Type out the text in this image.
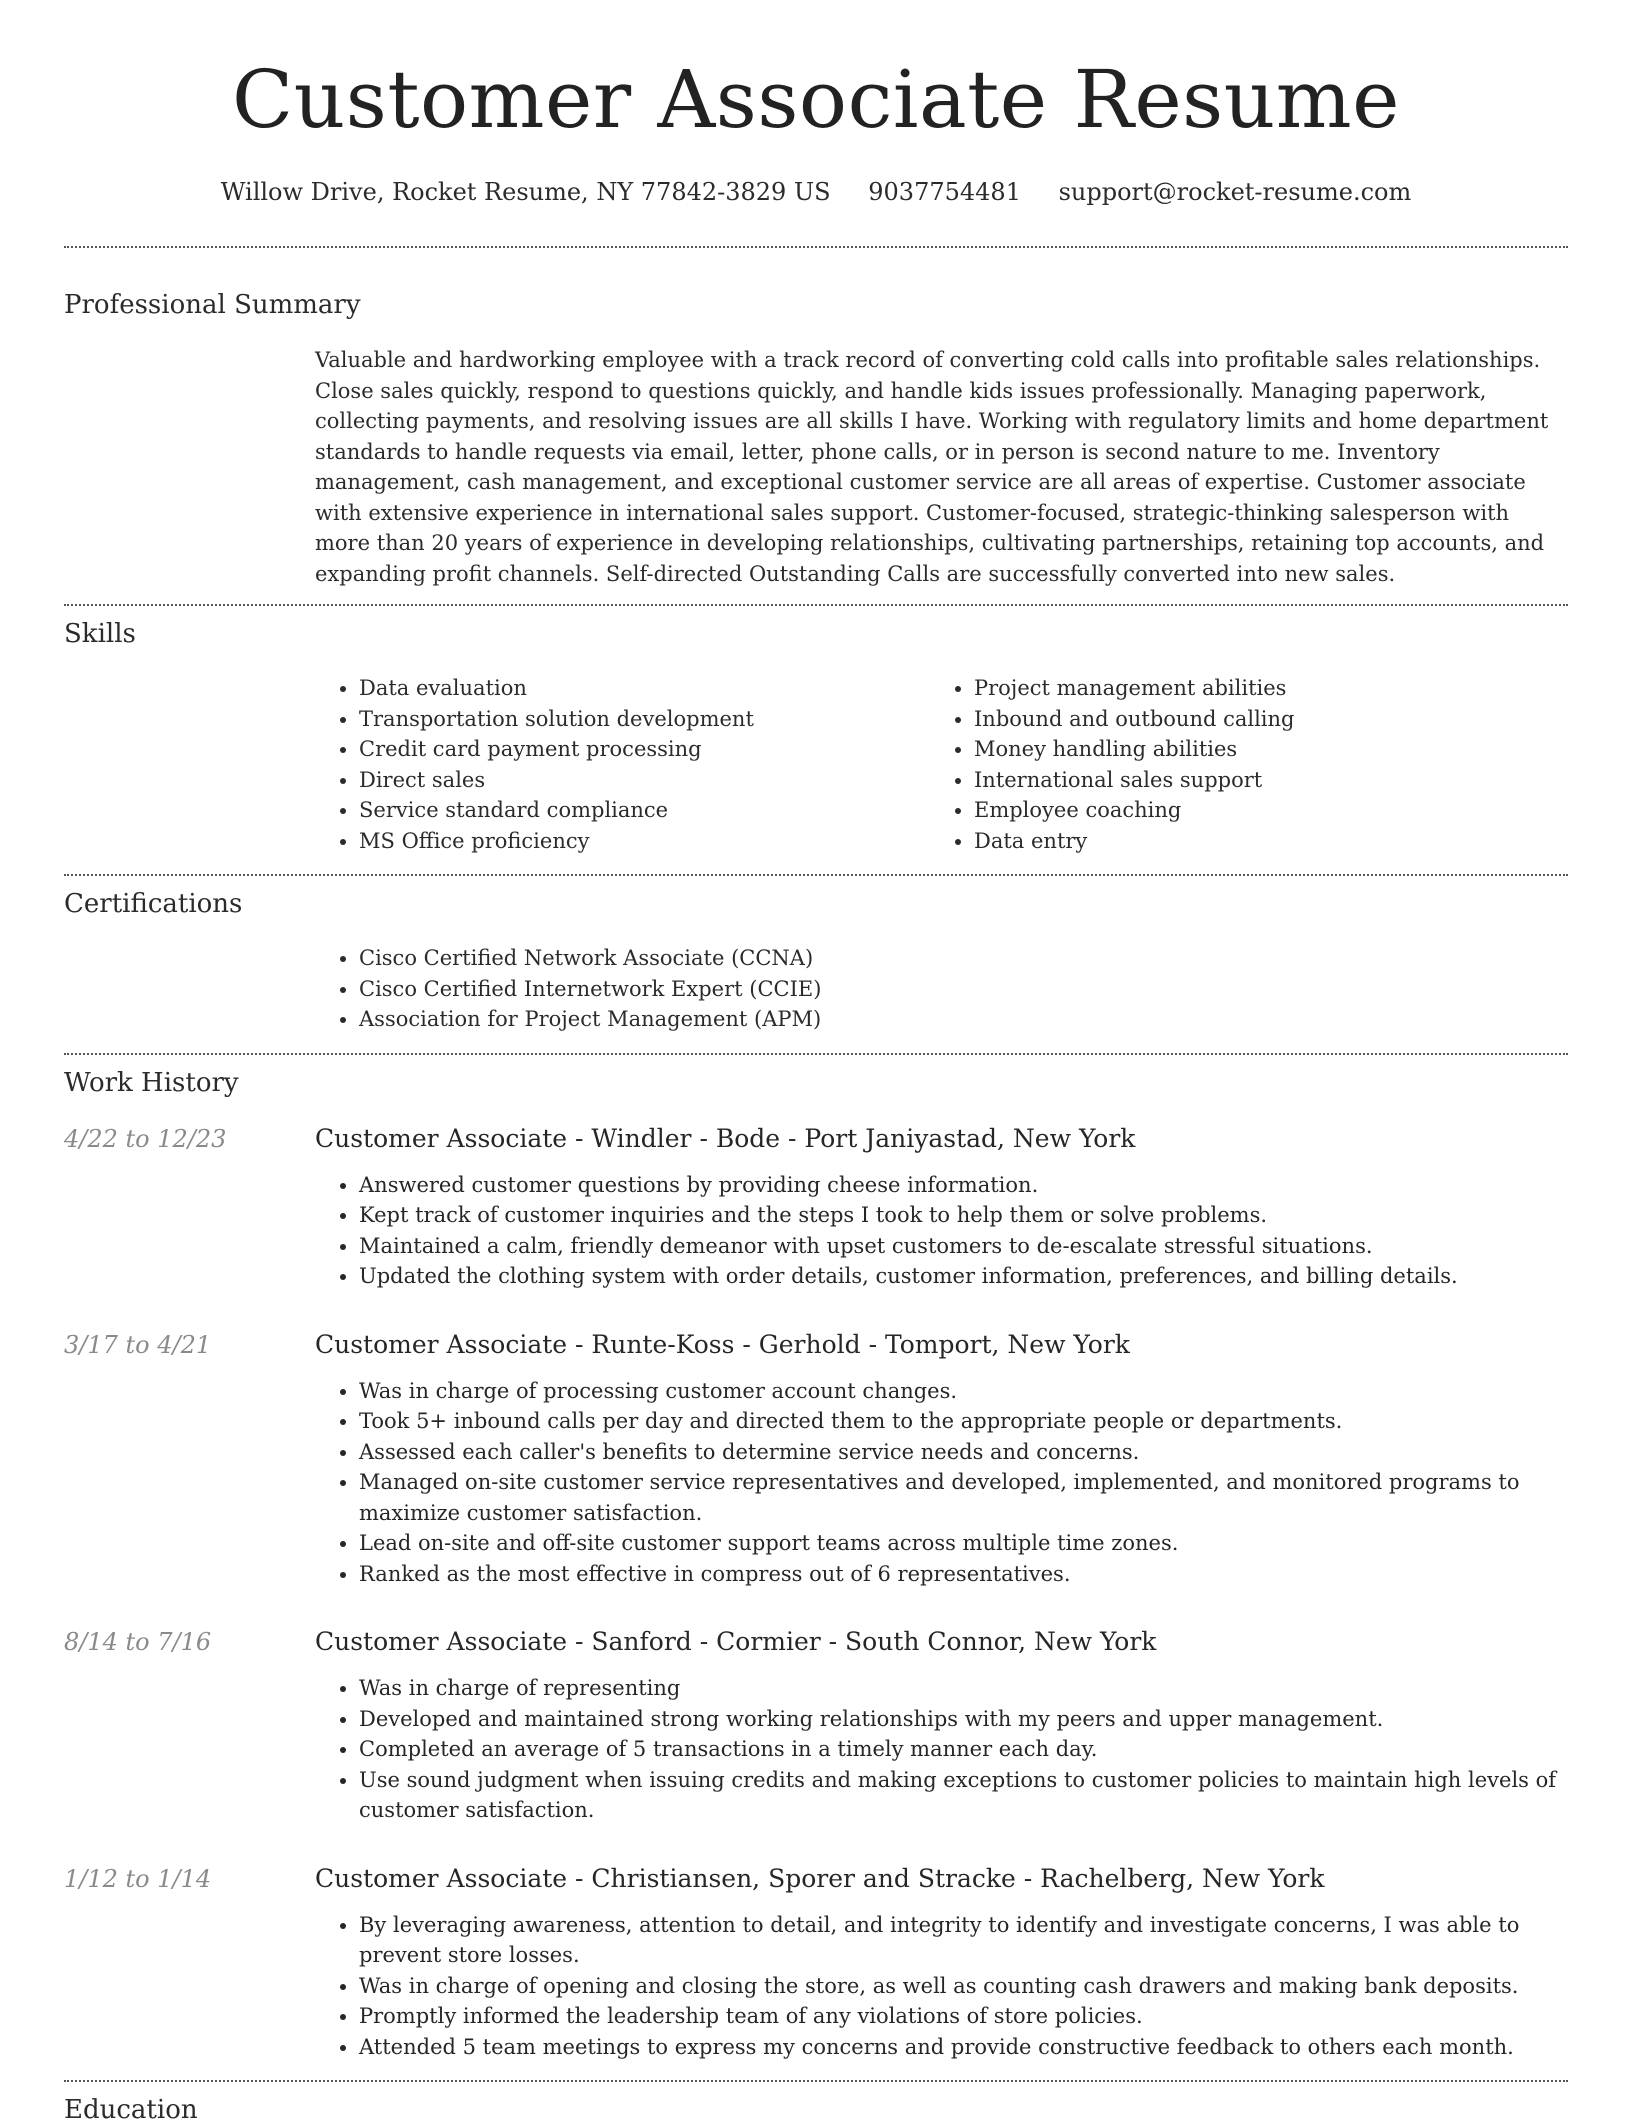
Customer Associate Resume
Willow Drive, Rocket Resume, NY 77842-3829 US 9037754481 support@rocket-resume.com
Professional Summary
Valuable and hardworking employee with a track record of converting cold calls into profitable sales relationships. Close sales quickly, respond to questions quickly, and handle kids issues professionally. Managing paperwork, collecting payments, and resolving issues are all skills I have. Working with regulatory limits and home department standards to handle requests via email, letter, phone calls, or in person is second nature to me. Inventory management, cash management, and exceptional customer service are all areas of expertise. Customer associate with extensive experience in international sales support. Customer-focused, strategic-thinking salesperson with more than 20 years of experience in developing relationships, cultivating partnerships, retaining top accounts, and expanding profit channels. Self-directed Outstanding Calls are successfully converted into new sales.
Skills
• Data evaluation
• Transportation solution development
• Credit card payment processing
• Direct sales
• Service standard compliance
• MS Office proficiency
• Project management abilities
• Inbound and outbound calling
• Money handling abilities
• International sales support
• Employee coaching
• Data entry
Certifications
• Cisco Certified Network Associate (CCNA)
• Cisco Certified Internetwork Expert (CCIE)
• Association for Project Management (APM)
Work History
4/22 to 12/23	Customer Associate - Windler - Bode - Port Janiyastad, New York
• Answered customer questions by providing cheese information.
• Kept track of customer inquiries and the steps I took to help them or solve problems.
• Maintained a calm, friendly demeanor with upset customers to de-escalate stressful situations.
• Updated the clothing system with order details, customer information, preferences, and billing details.
3/17 to 4/21	Customer Associate - Runte-Koss - Gerhold - Tomport, New York
• Was in charge of processing customer account changes.
• Took 5+ inbound calls per day and directed them to the appropriate people or departments.
• Assessed each caller's benefits to determine service needs and concerns.
• Managed on-site customer service representatives and developed, implemented, and monitored programs to maximize customer satisfaction.
• Lead on-site and off-site customer support teams across multiple time zones.
• Ranked as the most effective in compress out of 6 representatives.
8/14 to 7/16	Customer Associate - Sanford - Cormier - South Connor, New York
• Was in charge of representing
• Developed and maintained strong working relationships with my peers and upper management.
• Completed an average of 5 transactions in a timely manner each day.
• Use sound judgment when issuing credits and making exceptions to customer policies to maintain high levels of customer satisfaction.
1/12 to 1/14	Customer Associate - Christiansen, Sporer and Stracke - Rachelberg, New York
• By leveraging awareness, attention to detail, and integrity to identify and investigate concerns, I was able to prevent store losses.
• Was in charge of opening and closing the store, as well as counting cash drawers and making bank deposits.
• Promptly informed the leadership team of any violations of store policies.
• Attended 5 team meetings to express my concerns and provide constructive feedback to others each month.
Education
